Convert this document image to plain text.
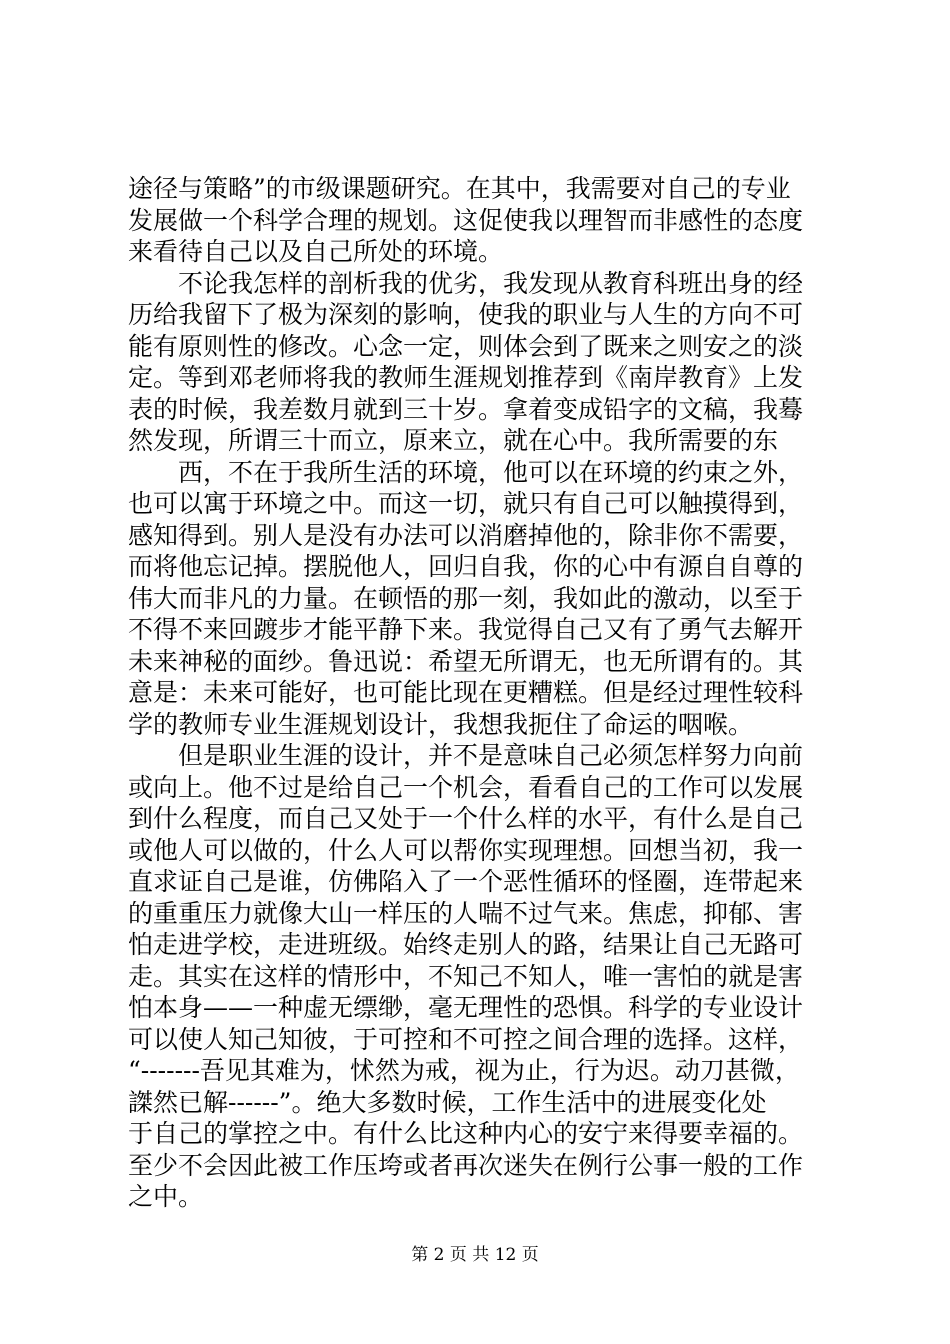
途径与策略”的市级课题研究。在其中，我需要对自己的专业
发展做一个科学合理的规划。这促使我以理智而非感性的态度
来看待自己以及自己所处的环境。
　　不论我怎样的剖析我的优劣，我发现从教育科班出身的经
历给我留下了极为深刻的影响，使我的职业与人生的方向不可
能有原则性的修改。心念一定，则体会到了既来之则安之的淡
定。等到邓老师将我的教师生涯规划推荐到《南岸教育》上发
表的时候，我差数月就到三十岁。拿着变成铅字的文稿，我蓦
然发现，所谓三十而立，原来立，就在心中。我所需要的东
　　西，不在于我所生活的环境，他可以在环境的约束之外，
也可以寓于环境之中。而这一切，就只有自己可以触摸得到，
感知得到。别人是没有办法可以消磨掉他的，除非你不需要，
而将他忘记掉。摆脱他人，回归自我，你的心中有源自自尊的
伟大而非凡的力量。在顿悟的那一刻，我如此的激动，以至于
不得不来回踱步才能平静下来。我觉得自己又有了勇气去解开
未来神秘的面纱。鲁迅说：希望无所谓无，也无所谓有的。其
意是：未来可能好，也可能比现在更糟糕。但是经过理性较科
学的教师专业生涯规划设计，我想我扼住了命运的咽喉。
　　但是职业生涯的设计，并不是意味自己必须怎样努力向前
或向上。他不过是给自己一个机会，看看自己的工作可以发展
到什么程度，而自己又处于一个什么样的水平，有什么是自己
或他人可以做的，什么人可以帮你实现理想。回想当初，我一
直求证自己是谁，仿佛陷入了一个恶性循环的怪圈，连带起来
的重重压力就像大山一样压的人喘不过气来。焦虑，抑郁、害
怕走进学校，走进班级。始终走别人的路，结果让自己无路可
走。其实在这样的情形中，不知己不知人，唯一害怕的就是害
怕本身——一种虚无缥缈，毫无理性的恐惧。科学的专业设计
可以使人知己知彼，于可控和不可控之间合理的选择。这样，
“-------吾见其难为，怵然为戒，视为止，行为迟。动刀甚微，
謋然已解------”。绝大多数时候，工作生活中的进展变化处
于自己的掌控之中。有什么比这种内心的安宁来得要幸福的。
至少不会因此被工作压垮或者再次迷失在例行公事一般的工作
之中。
第 2 页 共 12 页
